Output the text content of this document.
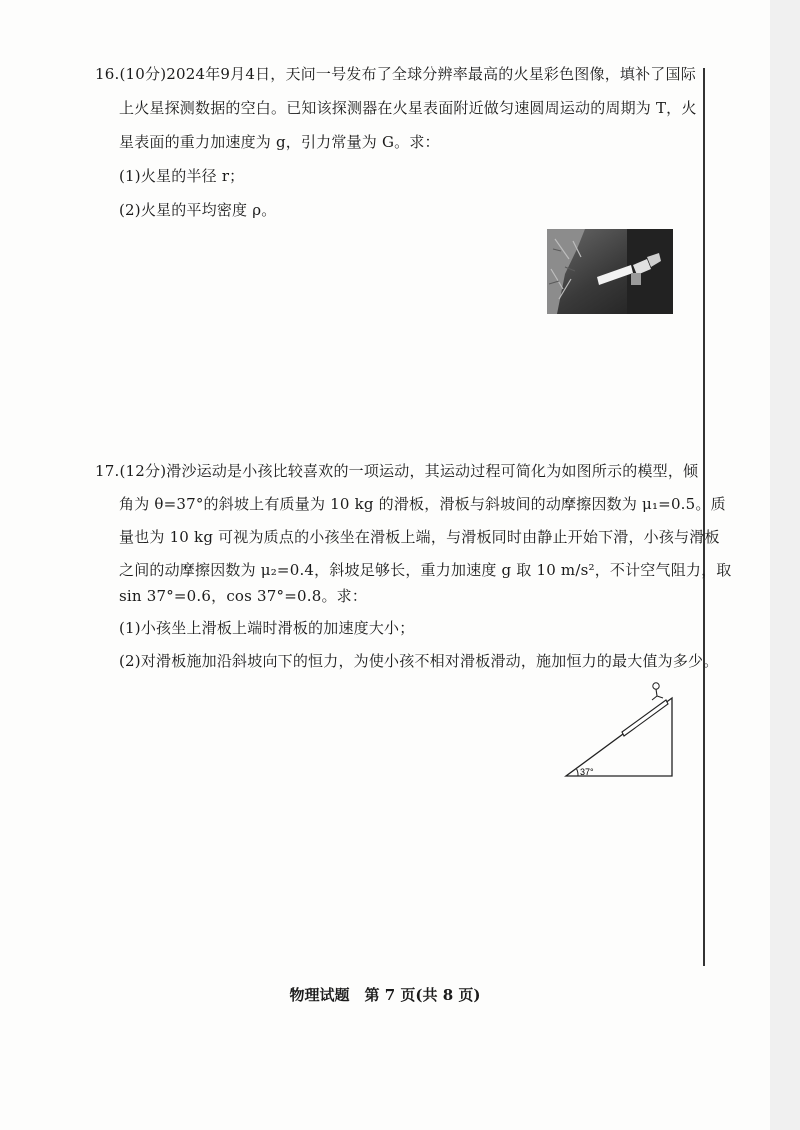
16.(10分)2024年9月4日，天问一号发布了全球分辨率最高的火星彩色图像，填补了国际
上火星探测数据的空白。已知该探测器在火星表面附近做匀速圆周运动的周期为 T，火
星表面的重力加速度为 g，引力常量为 G。求：
(1)火星的半径 r；
(2)火星的平均密度 ρ。
17.(12分)滑沙运动是小孩比较喜欢的一项运动，其运动过程可简化为如图所示的模型，倾
角为 θ=37°的斜坡上有质量为 10 kg 的滑板，滑板与斜坡间的动摩擦因数为 μ₁=0.5。质
量也为 10 kg 可视为质点的小孩坐在滑板上端，与滑板同时由静止开始下滑，小孩与滑板
之间的动摩擦因数为 μ₂=0.4，斜坡足够长，重力加速度 g 取 10 m/s²，不计空气阻力，取
sin 37°=0.6，cos 37°=0.8。求：
(1)小孩坐上滑板上端时滑板的加速度大小；
(2)对滑板施加沿斜坡向下的恒力，为使小孩不相对滑板滑动，施加恒力的最大值为多少。
37°
物理试题　第 7 页(共 8 页)
